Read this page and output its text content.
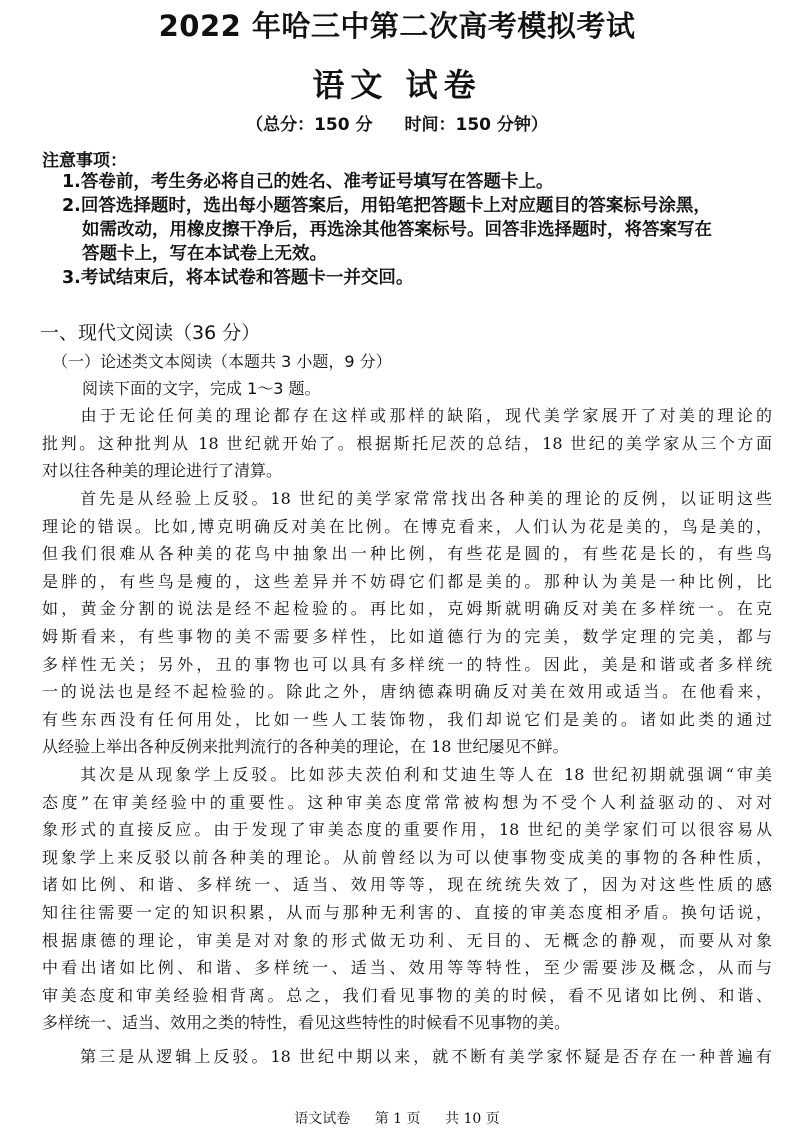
2022 年哈三中第二次高考模拟考试
语文 试卷
（总分：150 分 时间：150 分钟）
注意事项：
1.答卷前，考生务必将自己的姓名、准考证号填写在答题卡上。
2.回答选择题时，选出每小题答案后，用铅笔把答题卡上对应题目的答案标号涂黑，
如需改动，用橡皮擦干净后，再选涂其他答案标号。回答非选择题时，将答案写在
答题卡上，写在本试卷上无效。
3.考试结束后，将本试卷和答题卡一并交回。
一、现代文阅读（36 分）
（一）论述类文本阅读（本题共 3 小题，9 分）
阅读下面的文字，完成 1～3 题。
　　由于无论任何美的理论都存在这样或那样的缺陷，现代美学家展开了对美的理论的
批判。这种批判从 18 世纪就开始了。根据斯托尼茨的总结，18 世纪的美学家从三个方面
对以往各种美的理论进行了清算。
　　首先是从经验上反驳。18 世纪的美学家常常找出各种美的理论的反例，以证明这些
理论的错误。比如,博克明确反对美在比例。在博克看来，人们认为花是美的，鸟是美的，
但我们很难从各种美的花鸟中抽象出一种比例，有些花是圆的，有些花是长的，有些鸟
是胖的，有些鸟是瘦的，这些差异并不妨碍它们都是美的。那种认为美是一种比例，比
如，黄金分割的说法是经不起检验的。再比如，克姆斯就明确反对美在多样统一。在克
姆斯看来，有些事物的美不需要多样性，比如道德行为的完美，数学定理的完美，都与
多样性无关；另外，丑的事物也可以具有多样统一的特性。因此，美是和谐或者多样统
一的说法也是经不起检验的。除此之外，唐纳德森明确反对美在效用或适当。在他看来，
有些东西没有任何用处，比如一些人工装饰物，我们却说它们是美的。诸如此类的通过
从经验上举出各种反例来批判流行的各种美的理论，在 18 世纪屡见不鲜。
　　其次是从现象学上反驳。比如莎夫茨伯利和艾迪生等人在 18 世纪初期就强调“审美
态度”在审美经验中的重要性。这种审美态度常常被构想为不受个人利益驱动的、对对
象形式的直接反应。由于发现了审美态度的重要作用，18 世纪的美学家们可以很容易从
现象学上来反驳以前各种美的理论。从前曾经以为可以使事物变成美的事物的各种性质，
诸如比例、和谐、多样统一、适当、效用等等，现在统统失效了，因为对这些性质的感
知往往需要一定的知识积累，从而与那种无利害的、直接的审美态度相矛盾。换句话说，
根据康德的理论，审美是对对象的形式做无功利、无目的、无概念的静观，而要从对象
中看出诸如比例、和谐、多样统一、适当、效用等等特性，至少需要涉及概念，从而与
审美态度和审美经验相背离。总之，我们看见事物的美的时候，看不见诸如比例、和谐、
多样统一、适当、效用之类的特性，看见这些特性的时候看不见事物的美。
　　第三是从逻辑上反驳。18 世纪中期以来，就不断有美学家怀疑是否存在一种普遍有
语文试卷 第 1 页 共 10 页
